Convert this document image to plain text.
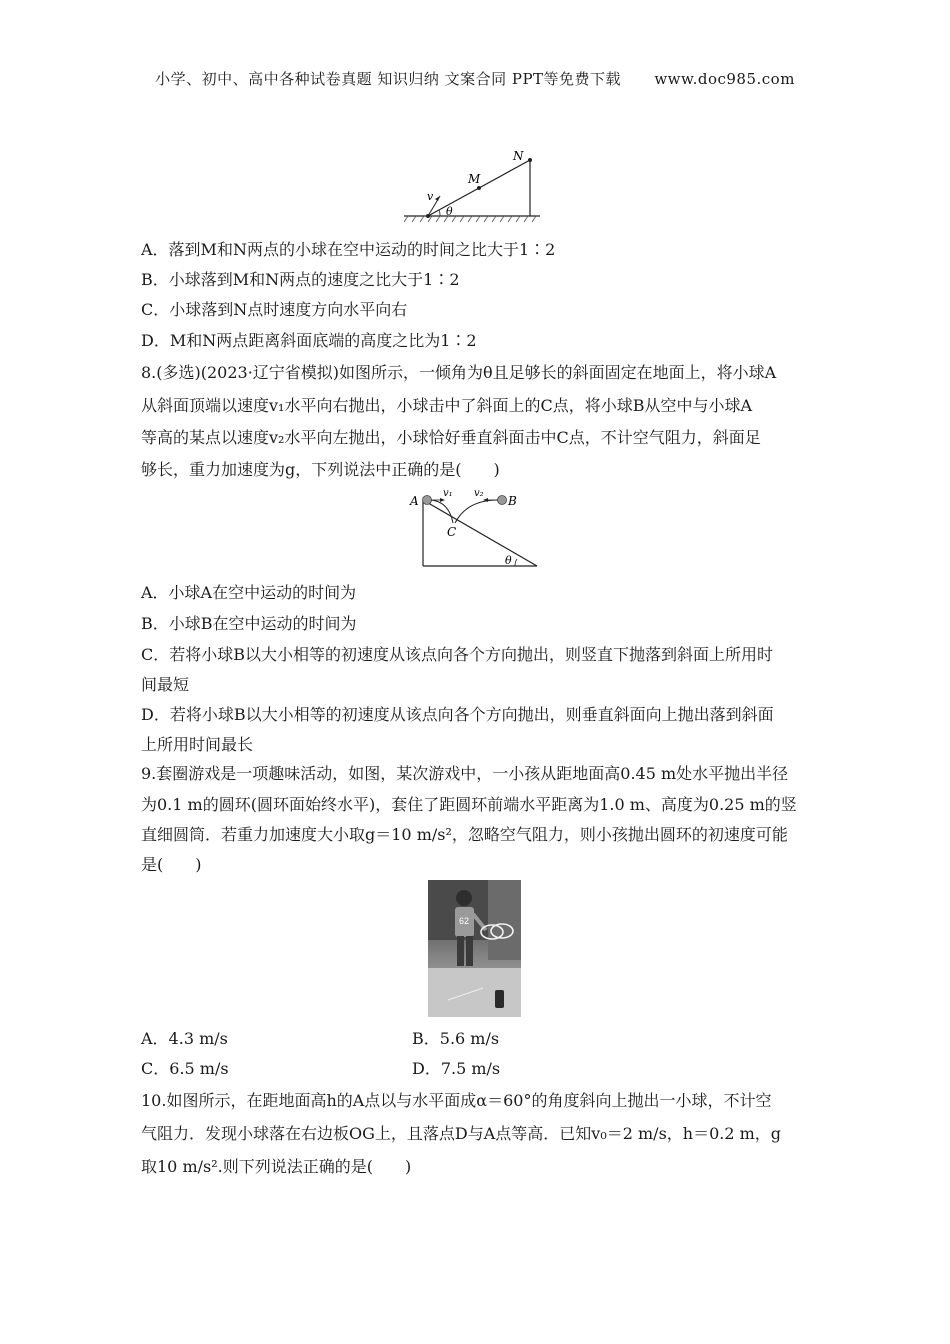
小学、初中、高中各种试卷真题 知识归纳 文案合同 PPT等免费下载 www.doc985.com
N
M
v
θ
A．落到M和N两点的小球在空中运动的时间之比大于1∶2
B．小球落到M和N两点的速度之比大于1∶2
C．小球落到N点时速度方向水平向右
D．M和N两点距离斜面底端的高度之比为1∶2
8.(多选)(2023·辽宁省模拟)如图所示，一倾角为θ且足够长的斜面固定在地面上，将小球A
从斜面顶端以速度v₁水平向右抛出，小球击中了斜面上的C点，将小球B从空中与小球A
等高的某点以速度v₂水平向左抛出，小球恰好垂直斜面击中C点，不计空气阻力，斜面足
够长，重力加速度为g，下列说法中正确的是(　　)
A	B
C
v₁ v₂
θ
A．小球A在空中运动的时间为
B．小球B在空中运动的时间为
C．若将小球B以大小相等的初速度从该点向各个方向抛出，则竖直下抛落到斜面上所用时
间最短
D．若将小球B以大小相等的初速度从该点向各个方向抛出，则垂直斜面向上抛出落到斜面
上所用时间最长
9.套圈游戏是一项趣味活动，如图，某次游戏中，一小孩从距地面高0.45 m处水平抛出半径
为0.1 m的圆环(圆环面始终水平)，套住了距圆环前端水平距离为1.0 m、高度为0.25 m的竖
直细圆筒．若重力加速度大小取g＝10 m/s²，忽略空气阻力，则小孩抛出圆环的初速度可能
是(　　)
62
A．4.3 m/s	B．5.6 m/s
C．6.5 m/s	D．7.5 m/s
10.如图所示，在距地面高h的A点以与水平面成α＝60°的角度斜向上抛出一小球，不计空
气阻力．发现小球落在右边板OG上，且落点D与A点等高．已知v₀＝2 m/s，h＝0.2 m，g
取10 m/s².则下列说法正确的是(　　)
